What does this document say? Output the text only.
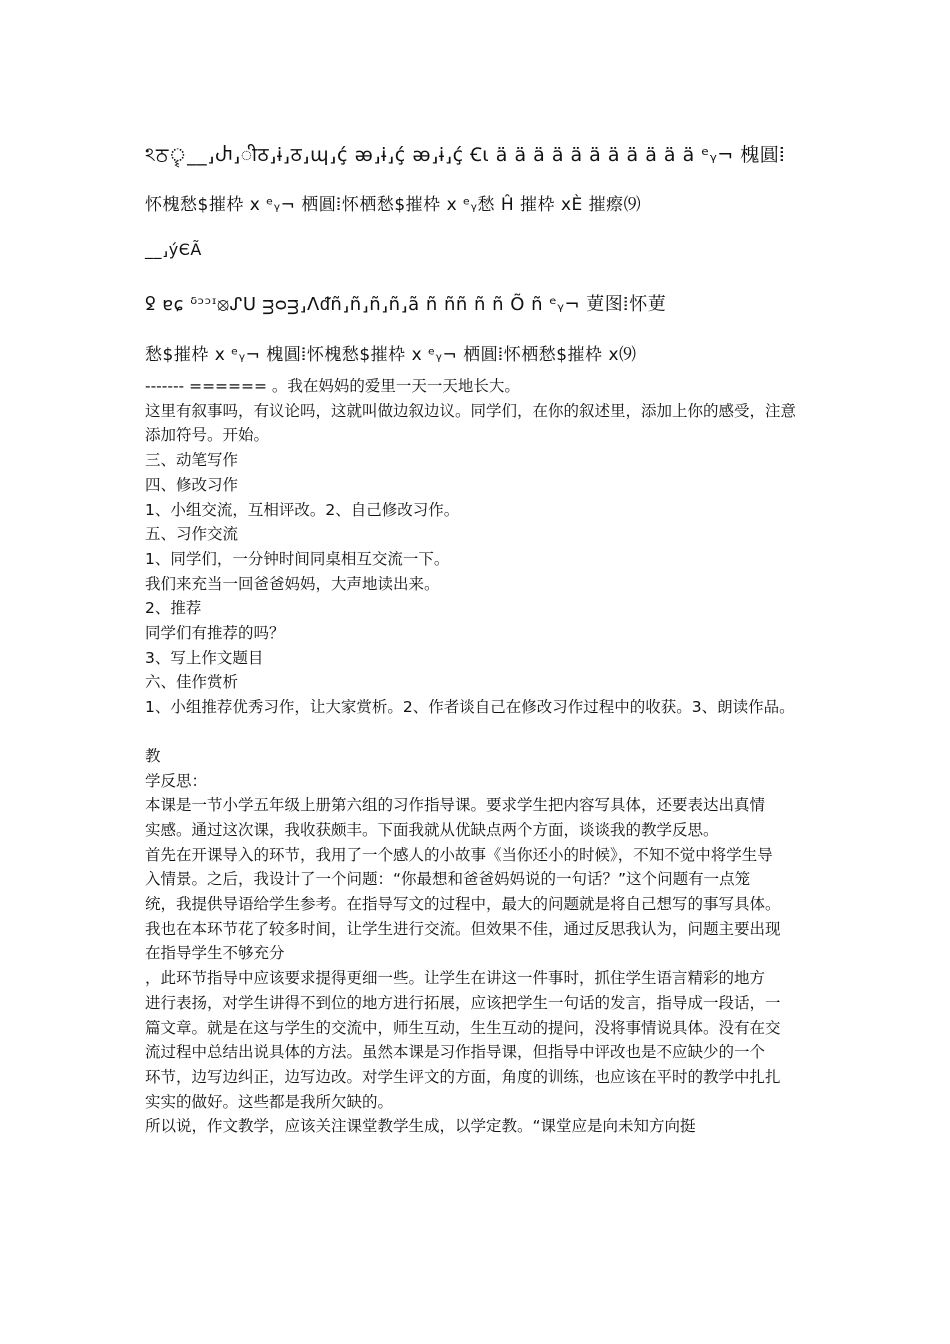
ঽਠৄ__⸥Ⴐ⸥ीठ⸥ɨ⸥ठ⸥ɰ⸥ḉ ꭂ⸥ɨ⸥ḉ ꭂ⸥ɨ⸥ḉ Ꞓɩ ä ä ä ä ä ä ä ä ä ä ä ᵉᵧ¬ 槐圓ⵂ
怀槐愁$摧枠 x ᵉᵧ¬ 栖圓ⵂ怀栖愁$摧枠 x ᵉᵧ愁 Ĥ 摧枠 xÈ 摧瘵⑼
__⸥ýЄÃ
ꝿ ɐɕ ᵟᵓᵓᶦ⦻ᔑᑌ ᴟᴑᴟ⸥ᐱᵭñ⸥ñ⸥ñ⸥ñ⸥ã ñ ññ ñ ñ Õ ñ ᵉᵧ¬ 莄图ⵂ怀莄
愁$摧枠 x ᵉᵧ¬ 槐圓ⵂ怀槐愁$摧枠 x ᵉᵧ¬ 栖圓ⵂ怀栖愁$摧枠 x⑼

------- ====== 。我在妈妈的爱里一天一天地长大。

这里有叙事吗，有议论吗，这就叫做边叙边议。同学们，在你的叙述里，添加上你的感受，注意

添加符号。开始。

三、动笔写作

四、修改习作

1、小组交流，互相评改。2、自己修改习作。

五、习作交流

1、同学们，一分钟时间同桌相互交流一下。

我们来充当一回爸爸妈妈，大声地读出来。

2、推荐

同学们有推荐的吗？

3、写上作文题目

六、佳作赏析

1、小组推荐优秀习作，让大家赏析。2、作者谈自己在修改习作过程中的收获。3、朗读作品。

教

学反思：

本课是一节小学五年级上册第六组的习作指导课。要求学生把内容写具体，还要表达出真情

实感。通过这次课，我收获颇丰。下面我就从优缺点两个方面，谈谈我的教学反思。

首先在开课导入的环节，我用了一个感人的小故事《当你还小的时候》，不知不觉中将学生导

入情景。之后，我设计了一个问题：“你最想和爸爸妈妈说的一句话？”这个问题有一点笼

统，我提供导语给学生参考。在指导写文的过程中，最大的问题就是将自己想写的事写具体。

我也在本环节花了较多时间，让学生进行交流。但效果不佳，通过反思我认为，问题主要出现

在指导学生不够充分

，此环节指导中应该要求提得更细一些。让学生在讲这一件事时，抓住学生语言精彩的地方

进行表扬，对学生讲得不到位的地方进行拓展，应该把学生一句话的发言，指导成一段话，一

篇文章。就是在这与学生的交流中，师生互动，生生互动的提问，没将事情说具体。没有在交

流过程中总结出说具体的方法。虽然本课是习作指导课，但指导中评改也是不应缺少的一个

环节，边写边纠正，边写边改。对学生评文的方面，角度的训练，也应该在平时的教学中扎扎

实实的做好。这些都是我所欠缺的。

所以说，作文教学，应该关注课堂教学生成，以学定教。“课堂应是向未知方向挺
